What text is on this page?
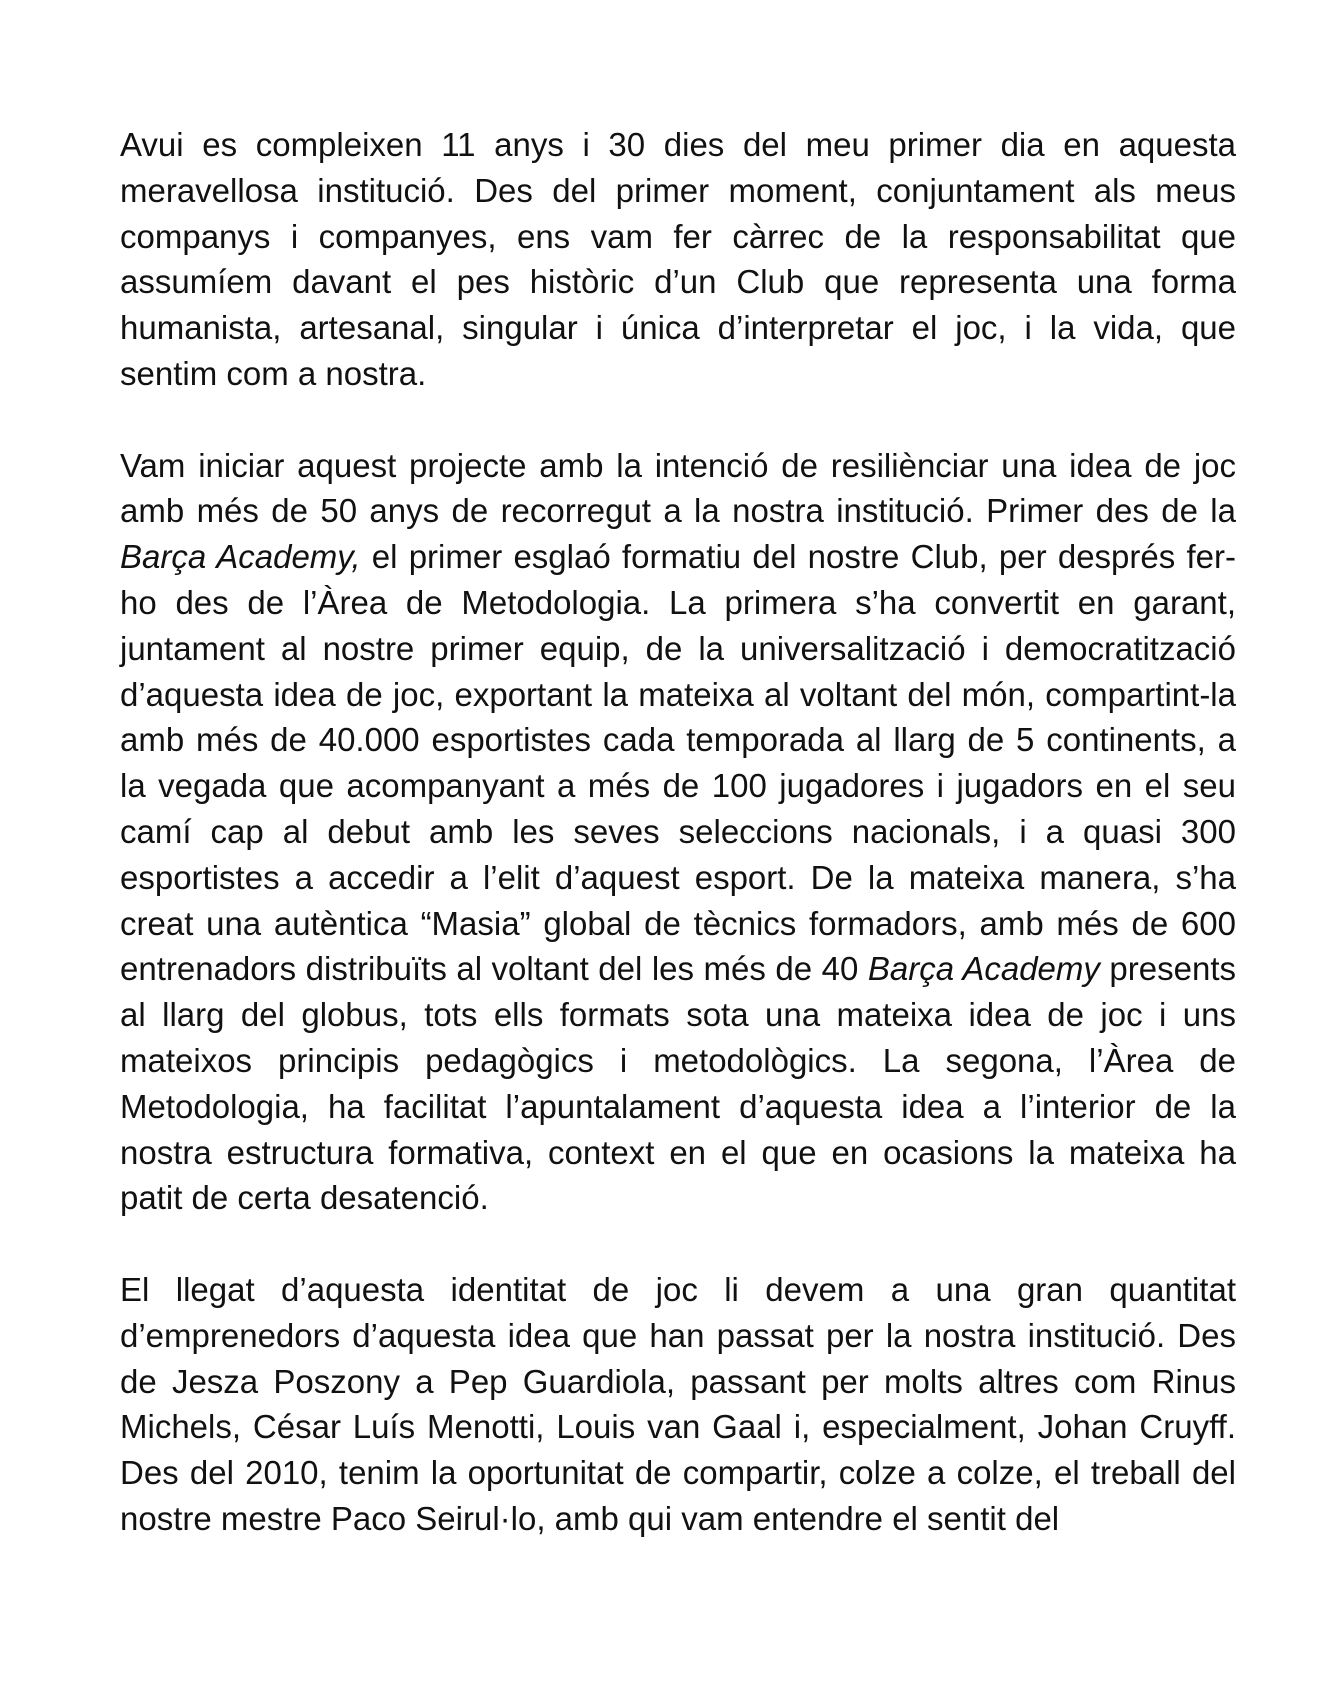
Avui es compleixen 11 anys i 30 dies del meu primer dia en aquesta meravellosa institució. Des del primer moment, conjuntament als meus companys i companyes, ens vam fer càrrec de la responsabilitat que assumíem davant el pes històric d’un Club que representa una forma humanista, artesanal, singular i única d’interpretar el joc, i la vida, que sentim com a nostra.

Vam iniciar aquest projecte amb la intenció de resiliènciar una idea de joc amb més de 50 anys de recorregut a la nostra institució. Primer des de la Barça Academy, el primer esglaó formatiu del nostre Club, per després fer-ho des de l’Àrea de Metodologia. La primera s’ha convertit en garant, juntament al nostre primer equip, de la universalització i democratització d’aquesta idea de joc, exportant la mateixa al voltant del món, compartint-la amb més de 40.000 esportistes cada temporada al llarg de 5 continents, a la vegada que acompanyant a més de 100 jugadores i jugadors en el seu camí cap al debut amb les seves seleccions nacionals, i a quasi 300 esportistes a accedir a l’elit d’aquest esport. De la mateixa manera, s’ha creat una autèntica “Masia” global de tècnics formadors, amb més de 600 entrenadors distribuïts al voltant del les més de 40 Barça Academy presents al llarg del globus, tots ells formats sota una mateixa idea de joc i uns mateixos principis pedagògics i metodològics. La segona, l’Àrea de Metodologia, ha facilitat l’apuntalament d’aquesta idea a l’interior de la nostra estructura formativa, context en el que en ocasions la mateixa ha patit de certa desatenció.

El llegat d’aquesta identitat de joc li devem a una gran quantitat d’emprenedors d’aquesta idea que han passat per la nostra institució. Des de Jesza Poszony a Pep Guardiola, passant per molts altres com Rinus Michels, César Luís Menotti, Louis van Gaal i, especialment, Johan Cruyff. Des del 2010, tenim la oportunitat de compartir, colze a colze, el treball del nostre mestre Paco Seirul·lo, amb qui vam entendre el sentit del
